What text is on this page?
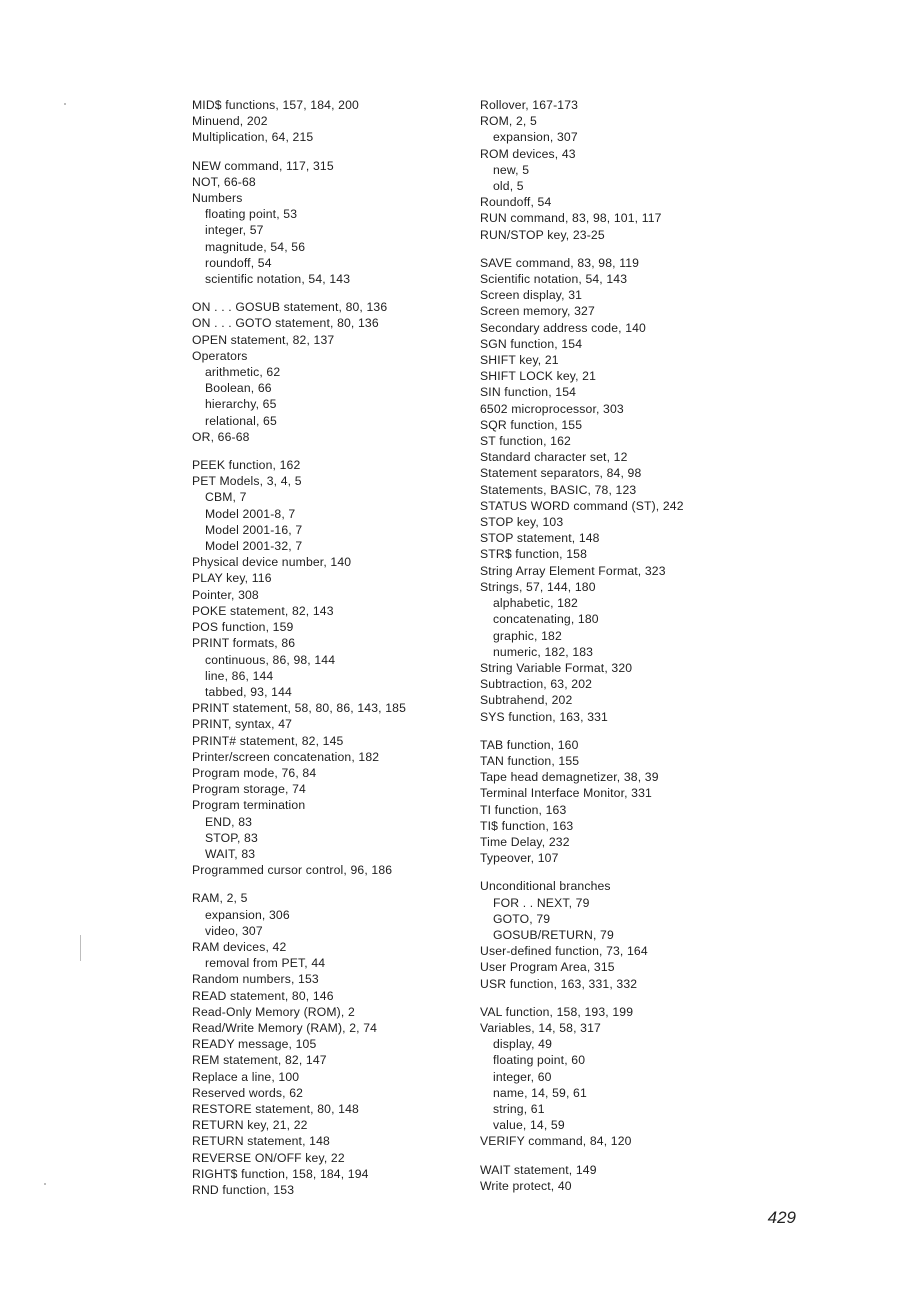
MID$ functions, 157, 184, 200
Minuend, 202
Multiplication, 64, 215
NEW command, 117, 315
NOT, 66-68
Numbers
floating point, 53
integer, 57
magnitude, 54, 56
roundoff, 54
scientific notation, 54, 143
ON . . . GOSUB statement, 80, 136
ON . . . GOTO statement, 80, 136
OPEN statement, 82, 137
Operators
arithmetic, 62
Boolean, 66
hierarchy, 65
relational, 65
OR, 66-68
PEEK function, 162
PET Models, 3, 4, 5
CBM, 7
Model 2001-8, 7
Model 2001-16, 7
Model 2001-32, 7
Physical device number, 140
PLAY key, 116
Pointer, 308
POKE statement, 82, 143
POS function, 159
PRINT formats, 86
continuous, 86, 98, 144
line, 86, 144
tabbed, 93, 144
PRINT statement, 58, 80, 86, 143, 185
PRINT, syntax, 47
PRINT# statement, 82, 145
Printer/screen concatenation, 182
Program mode, 76, 84
Program storage, 74
Program termination
END, 83
STOP, 83
WAIT, 83
Programmed cursor control, 96, 186
RAM, 2, 5
expansion, 306
video, 307
RAM devices, 42
removal from PET, 44
Random numbers, 153
READ statement, 80, 146
Read-Only Memory (ROM), 2
Read/Write Memory (RAM), 2, 74
READY message, 105
REM statement, 82, 147
Replace a line, 100
Reserved words, 62
RESTORE statement, 80, 148
RETURN key, 21, 22
RETURN statement, 148
REVERSE ON/OFF key, 22
RIGHT$ function, 158, 184, 194
RND function, 153
Rollover, 167-173
ROM, 2, 5
expansion, 307
ROM devices, 43
new, 5
old, 5
Roundoff, 54
RUN command, 83, 98, 101, 117
RUN/STOP key, 23-25
SAVE command, 83, 98, 119
Scientific notation, 54, 143
Screen display, 31
Screen memory, 327
Secondary address code, 140
SGN function, 154
SHIFT key, 21
SHIFT LOCK key, 21
SIN function, 154
6502 microprocessor, 303
SQR function, 155
ST function, 162
Standard character set, 12
Statement separators, 84, 98
Statements, BASIC, 78, 123
STATUS WORD command (ST), 242
STOP key, 103
STOP statement, 148
STR$ function, 158
String Array Element Format, 323
Strings, 57, 144, 180
alphabetic, 182
concatenating, 180
graphic, 182
numeric, 182, 183
String Variable Format, 320
Subtraction, 63, 202
Subtrahend, 202
SYS function, 163, 331
TAB function, 160
TAN function, 155
Tape head demagnetizer, 38, 39
Terminal Interface Monitor, 331
TI function, 163
TI$ function, 163
Time Delay, 232
Typeover, 107
Unconditional branches
FOR . . NEXT, 79
GOTO, 79
GOSUB/RETURN, 79
User-defined function, 73, 164
User Program Area, 315
USR function, 163, 331, 332
VAL function, 158, 193, 199
Variables, 14, 58, 317
display, 49
floating point, 60
integer, 60
name, 14, 59, 61
string, 61
value, 14, 59
VERIFY command, 84, 120
WAIT statement, 149
Write protect, 40
429
